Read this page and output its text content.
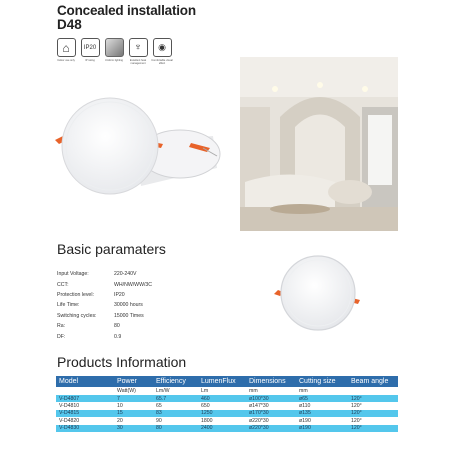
Concealed installation
D48
⌂
Indoor use only
IP20
IP rating	Uniform lighting
♆
Excellent heat management
◉
Comfortable visual effect
Basic paramaters
Input Voltage:	220-240V
CCT:	WH/NW/WW/3C
Protection level:	IP20
Life Time:	30000 hours
Switching cycles:	15000 Times
Ra:	80
DF:	0.9
Products Information
Model	Power	Efficiency	LumenFlux	Dimensions	Cutting size	Beam angle
	Watt(W)	Lm/W	Lm	mm	mm	
V-D4807	7	65.7	460	ø100*30	ø65	120°
V-D4810	10	65	650	ø147*30	ø110	120°
V-D4815	15	83	1250	ø170*30	ø135	120°
V-D4820	20	90	1800	ø220*30	ø190	120°
V-D4830	30	80	2400	ø220*30	ø190	120°
